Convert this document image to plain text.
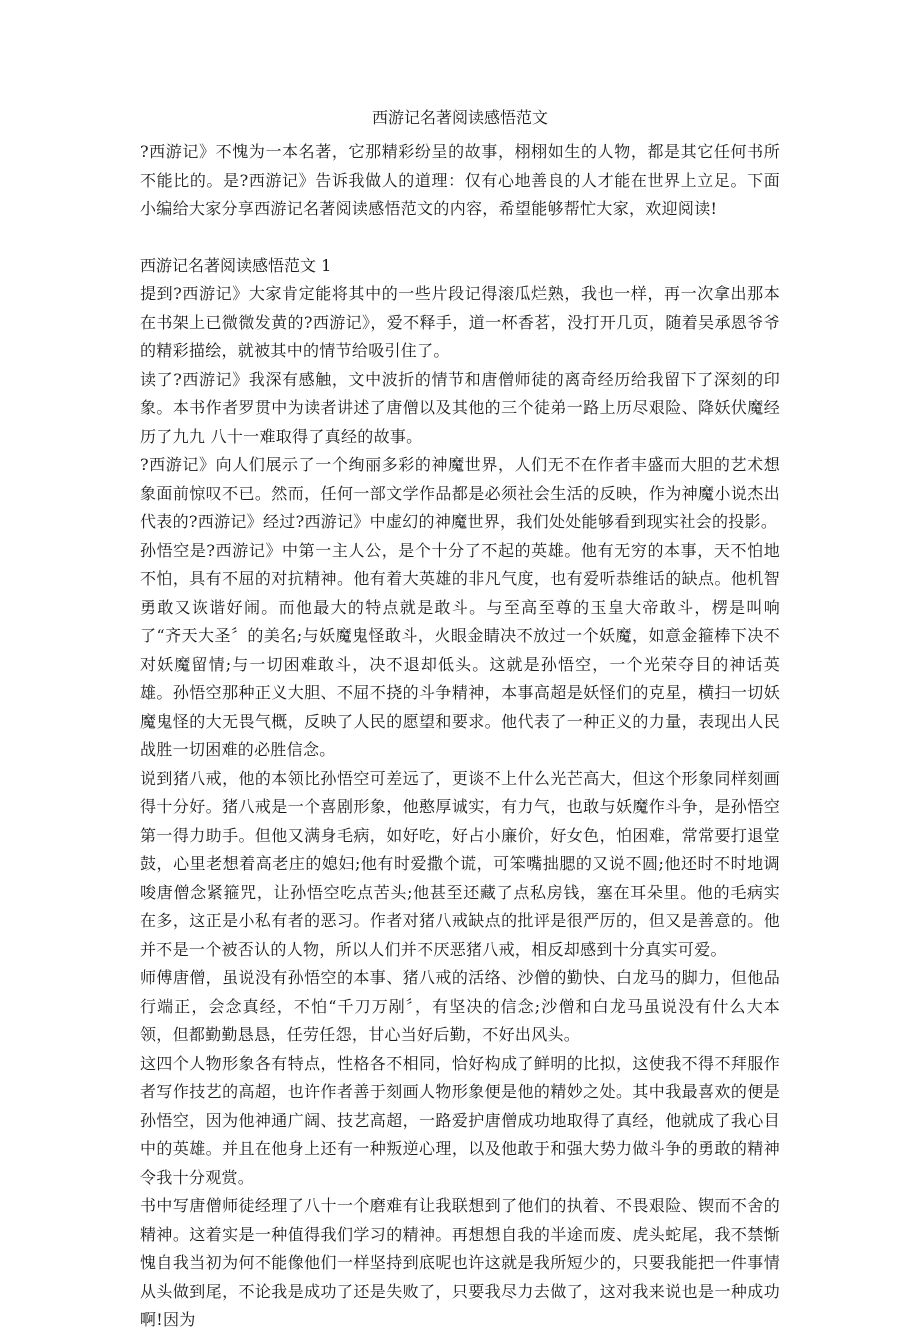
西游记名著阅读感悟范文

?西游记》不愧为一本名著，它那精彩纷呈的故事，栩栩如生的人物，都是其它任何书所不能比的。是?西游记》告诉我做人的道理：仅有心地善良的人才能在世界上立足。下面小编给大家分享西游记名著阅读感悟范文的内容，希望能够帮忙大家，欢迎阅读!

西游记名著阅读感悟范文 1

提到?西游记》大家肯定能将其中的一些片段记得滚瓜烂熟，我也一样，再一次拿出那本在书架上已微微发黄的?西游记》，爱不释手，道一杯香茗，没打开几页，随着吴承恩爷爷的精彩描绘，就被其中的情节给吸引住了。

读了?西游记》我深有感触，文中波折的情节和唐僧师徒的离奇经历给我留下了深刻的印象。本书作者罗贯中为读者讲述了唐僧以及其他的三个徒弟一路上历尽艰险、降妖伏魔经历了九九 八十一难取得了真经的故事。

?西游记》向人们展示了一个绚丽多彩的神魔世界，人们无不在作者丰盛而大胆的艺术想象面前惊叹不已。然而，任何一部文学作品都是必须社会生活的反映，作为神魔小说杰出代表的?西游记》经过?西游记》中虚幻的神魔世界，我们处处能够看到现实社会的投影。

孙悟空是?西游记》中第一主人公，是个十分了不起的英雄。他有无穷的本事，天不怕地不怕，具有不屈的对抗精神。他有着大英雄的非凡气度，也有爱听恭维话的缺点。他机智勇敢又诙谐好闹。而他最大的特点就是敢斗。与至高至尊的玉皇大帝敢斗，楞是叫响了“齐天大圣〞的美名;与妖魔鬼怪敢斗，火眼金睛决不放过一个妖魔，如意金箍棒下决不对妖魔留情;与一切困难敢斗，决不退却低头。这就是孙悟空，一个光荣夺目的神话英雄。孙悟空那种正义大胆、不屈不挠的斗争精神，本事高超是妖怪们的克星，横扫一切妖魔鬼怪的大无畏气概，反映了人民的愿望和要求。他代表了一种正义的力量，表现出人民战胜一切困难的必胜信念。

说到猪八戒，他的本领比孙悟空可差远了，更谈不上什么光芒高大，但这个形象同样刻画得十分好。猪八戒是一个喜剧形象，他憨厚诚实，有力气，也敢与妖魔作斗争，是孙悟空第一得力助手。但他又满身毛病，如好吃，好占小廉价，好女色，怕困难，常常要打退堂鼓，心里老想着高老庄的媳妇;他有时爱撒个谎，可笨嘴拙腮的又说不圆;他还时不时地调唆唐僧念紧箍咒，让孙悟空吃点苦头;他甚至还藏了点私房钱，塞在耳朵里。他的毛病实在多，这正是小私有者的恶习。作者对猪八戒缺点的批评是很严厉的，但又是善意的。他并不是一个被否认的人物，所以人们并不厌恶猪八戒，相反却感到十分真实可爱。

师傅唐僧，虽说没有孙悟空的本事、猪八戒的活络、沙僧的勤快、白龙马的脚力，但他品行端正，会念真经，不怕“千刀万剐〞，有坚决的信念;沙僧和白龙马虽说没有什么大本领，但都勤勤恳恳，任劳任怨，甘心当好后勤，不好出风头。

这四个人物形象各有特点，性格各不相同，恰好构成了鲜明的比拟，这使我不得不拜服作者写作技艺的高超，也许作者善于刻画人物形象便是他的精妙之处。其中我最喜欢的便是孙悟空，因为他神通广阔、技艺高超，一路爱护唐僧成功地取得了真经，他就成了我心目中的英雄。并且在他身上还有一种叛逆心理，以及他敢于和强大势力做斗争的勇敢的精神令我十分观赏。

书中写唐僧师徒经理了八十一个磨难有让我联想到了他们的执着、不畏艰险、锲而不舍的精神。这着实是一种值得我们学习的精神。再想想自我的半途而废、虎头蛇尾，我不禁惭愧自我当初为何不能像他们一样坚持到底呢也许这就是我所短少的，只要我能把一件事情从头做到尾，不论我是成功了还是失败了，只要我尽力去做了，这对我来说也是一种成功啊!因为
